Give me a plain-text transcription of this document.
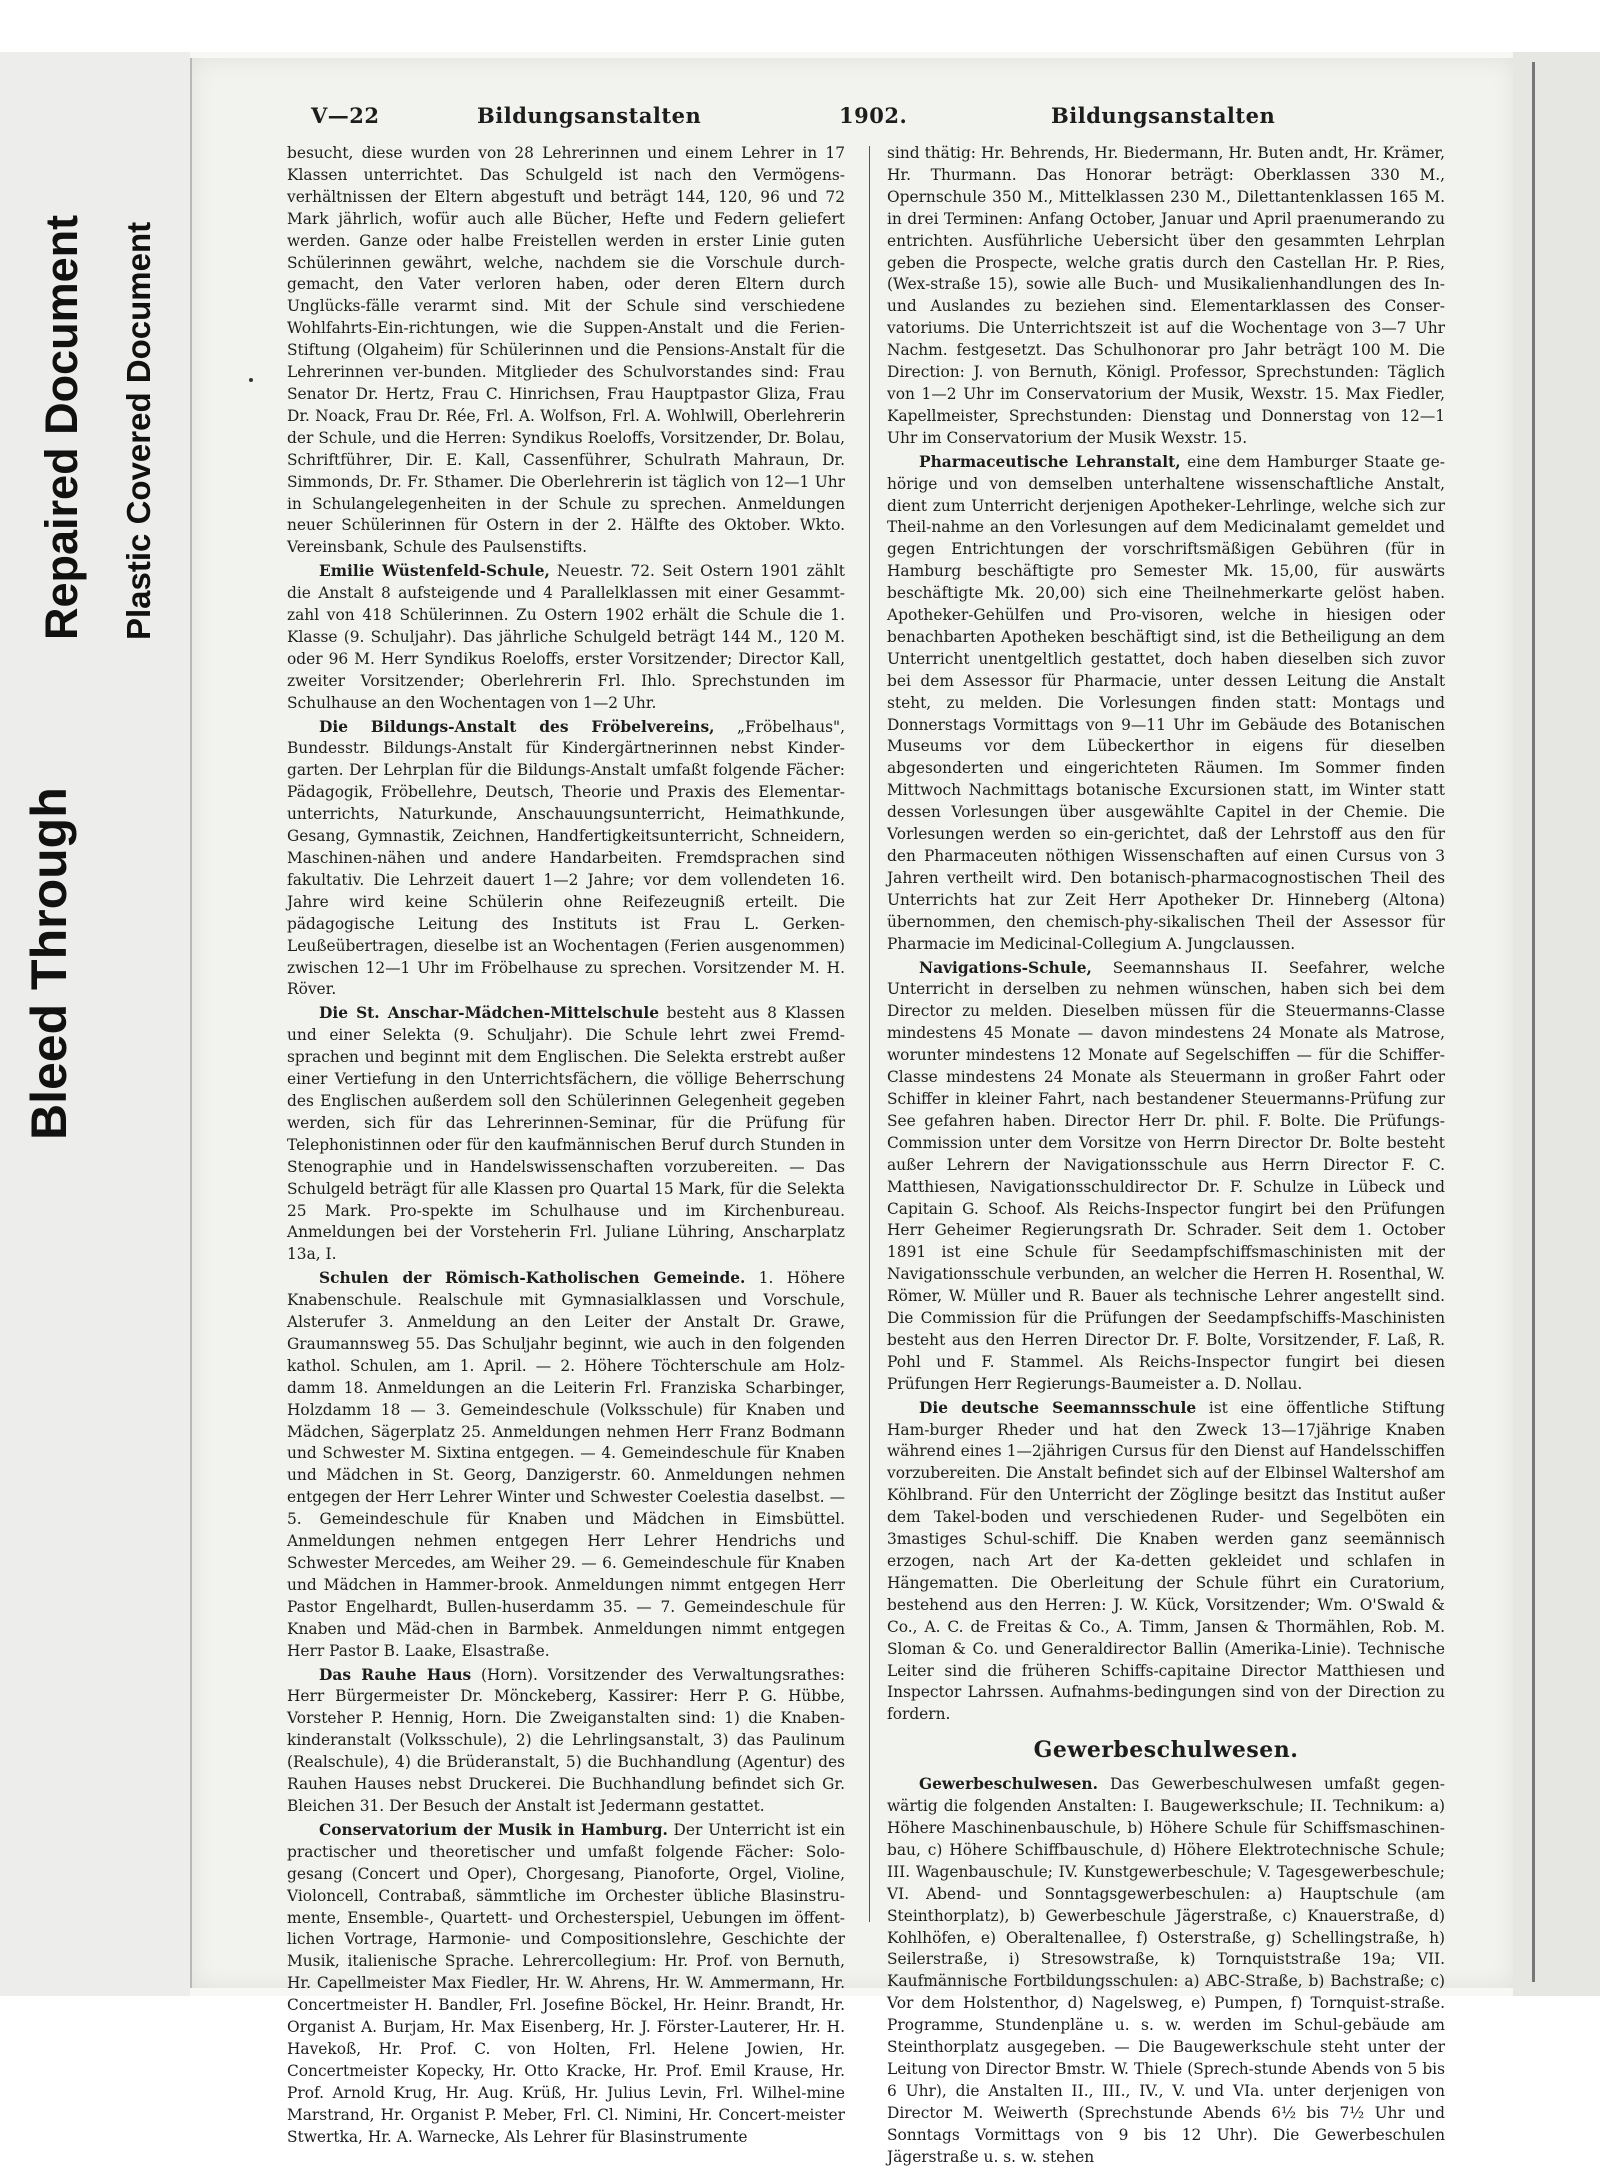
Bleed Through
Repaired Document Plastic Covered Document
V—22	Bildungsanstalten	1902.	Bildungsanstalten

besucht, diese wurden von 28 Lehrerinnen und einem Lehrer in 17 Klassen unterrichtet. Das Schulgeld ist nach den Vermögens-verhältnissen der Eltern abgestuft und beträgt 144, 120, 96 und 72 Mark jährlich, wofür auch alle Bücher, Hefte und Federn geliefert werden. Ganze oder halbe Freistellen werden in erster Linie guten Schülerinnen gewährt, welche, nachdem sie die Vorschule durch-gemacht, den Vater verloren haben, oder deren Eltern durch Unglücks-fälle verarmt sind. Mit der Schule sind verschiedene Wohlfahrts-Ein-richtungen, wie die Suppen-Anstalt und die Ferien-Stiftung (Olgaheim) für Schülerinnen und die Pensions-Anstalt für die Lehrerinnen ver-bunden. Mitglieder des Schulvorstandes sind: Frau Senator Dr. Hertz, Frau C. Hinrichsen, Frau Hauptpastor Gliza, Frau Dr. Noack, Frau Dr. Rée, Frl. A. Wolfson, Frl. A. Wohlwill, Oberlehrerin der Schule, und die Herren: Syndikus Roeloffs, Vorsitzender, Dr. Bolau, Schriftführer, Dir. E. Kall, Cassenführer, Schulrath Mahraun, Dr. Simmonds, Dr. Fr. Sthamer. Die Oberlehrerin ist täglich von 12—1 Uhr in Schulangelegenheiten in der Schule zu sprechen. Anmeldungen neuer Schülerinnen für Ostern in der 2. Hälfte des Oktober. Wkto. Vereinsbank, Schule des Paulsenstifts.

Emilie Wüstenfeld-Schule, Neuestr. 72. Seit Ostern 1901 zählt die Anstalt 8 aufsteigende und 4 Parallelklassen mit einer Gesammt-zahl von 418 Schülerinnen. Zu Ostern 1902 erhält die Schule die 1. Klasse (9. Schuljahr). Das jährliche Schulgeld beträgt 144 M., 120 M. oder 96 M. Herr Syndikus Roeloffs, erster Vorsitzender; Director Kall, zweiter Vorsitzender; Oberlehrerin Frl. Ihlo. Sprechstunden im Schulhause an den Wochentagen von 1—2 Uhr.

Die Bildungs-Anstalt des Fröbelvereins, „Fröbelhaus", Bundesstr. Bildungs-Anstalt für Kindergärtnerinnen nebst Kinder-garten. Der Lehrplan für die Bildungs-Anstalt umfaßt folgende Fächer: Pädagogik, Fröbellehre, Deutsch, Theorie und Praxis des Elementar-unterrichts, Naturkunde, Anschauungsunterricht, Heimathkunde, Gesang, Gymnastik, Zeichnen, Handfertigkeitsunterricht, Schneidern, Maschinen-nähen und andere Handarbeiten. Fremdsprachen sind fakultativ. Die Lehrzeit dauert 1—2 Jahre; vor dem vollendeten 16. Jahre wird keine Schülerin ohne Reifezeugniß erteilt. Die pädagogische Leitung des Instituts ist Frau L. Gerken-Leußeübertragen, dieselbe ist an Wochentagen (Ferien ausgenommen) zwischen 12—1 Uhr im Fröbelhause zu sprechen. Vorsitzender M. H. Röver.

Die St. Anschar-Mädchen-Mittelschule besteht aus 8 Klassen und einer Selekta (9. Schuljahr). Die Schule lehrt zwei Fremd-sprachen und beginnt mit dem Englischen. Die Selekta erstrebt außer einer Vertiefung in den Unterrichtsfächern, die völlige Beherrschung des Englischen außerdem soll den Schülerinnen Gelegenheit gegeben werden, sich für das Lehrerinnen-Seminar, für die Prüfung für Telephonistinnen oder für den kaufmännischen Beruf durch Stunden in Stenographie und in Handelswissenschaften vorzubereiten. — Das Schulgeld beträgt für alle Klassen pro Quartal 15 Mark, für die Selekta 25 Mark. Pro-spekte im Schulhause und im Kirchenbureau. Anmeldungen bei der Vorsteherin Frl. Juliane Lühring, Anscharplatz 13a, I.

Schulen der Römisch-Katholischen Gemeinde. 1. Höhere Knabenschule. Realschule mit Gymnasialklassen und Vorschule, Alsterufer 3. Anmeldung an den Leiter der Anstalt Dr. Grawe, Graumannsweg 55. Das Schuljahr beginnt, wie auch in den folgenden kathol. Schulen, am 1. April. — 2. Höhere Töchterschule am Holz-damm 18. Anmeldungen an die Leiterin Frl. Franziska Scharbinger, Holzdamm 18 — 3. Gemeindeschule (Volksschule) für Knaben und Mädchen, Sägerplatz 25. Anmeldungen nehmen Herr Franz Bodmann und Schwester M. Sixtina entgegen. — 4. Gemeindeschule für Knaben und Mädchen in St. Georg, Danzigerstr. 60. Anmeldungen nehmen entgegen der Herr Lehrer Winter und Schwester Coelestia daselbst. — 5. Gemeindeschule für Knaben und Mädchen in Eimsbüttel. Anmeldungen nehmen entgegen Herr Lehrer Hendrichs und Schwester Mercedes, am Weiher 29. — 6. Gemeindeschule für Knaben und Mädchen in Hammer-brook. Anmeldungen nimmt entgegen Herr Pastor Engelhardt, Bullen-huserdamm 35. — 7. Gemeindeschule für Knaben und Mäd-chen in Barmbek. Anmeldungen nimmt entgegen Herr Pastor B. Laake, Elsastraße.

Das Rauhe Haus (Horn). Vorsitzender des Verwaltungsrathes: Herr Bürgermeister Dr. Mönckeberg, Kassirer: Herr P. G. Hübbe, Vorsteher P. Hennig, Horn. Die Zweiganstalten sind: 1) die Knaben-kinderanstalt (Volksschule), 2) die Lehrlingsanstalt, 3) das Paulinum (Realschule), 4) die Brüderanstalt, 5) die Buchhandlung (Agentur) des Rauhen Hauses nebst Druckerei. Die Buchhandlung befindet sich Gr. Bleichen 31. Der Besuch der Anstalt ist Jedermann gestattet.

Conservatorium der Musik in Hamburg. Der Unterricht ist ein practischer und theoretischer und umfaßt folgende Fächer: Solo-gesang (Concert und Oper), Chorgesang, Pianoforte, Orgel, Violine, Violoncell, Contrabaß, sämmtliche im Orchester übliche Blasinstru-mente, Ensemble-, Quartett- und Orchesterspiel, Uebungen im öffent-lichen Vortrage, Harmonie- und Compositionslehre, Geschichte der Musik, italienische Sprache. Lehrercollegium: Hr. Prof. von Bernuth, Hr. Capellmeister Max Fiedler, Hr. W. Ahrens, Hr. W. Ammermann, Hr. Concertmeister H. Bandler, Frl. Josefine Böckel, Hr. Heinr. Brandt, Hr. Organist A. Burjam, Hr. Max Eisenberg, Hr. J. Förster-Lauterer, Hr. H. Havekoß, Hr. Prof. C. von Holten, Frl. Helene Jowien, Hr. Concertmeister Kopecky, Hr. Otto Kracke, Hr. Prof. Emil Krause, Hr. Prof. Arnold Krug, Hr. Aug. Krüß, Hr. Julius Levin, Frl. Wilhel-mine Marstrand, Hr. Organist P. Meber, Frl. Cl. Nimini, Hr. Concert-meister Stwertka, Hr. A. Warnecke, Als Lehrer für Blasinstrumente

sind thätig: Hr. Behrends, Hr. Biedermann, Hr. Buten andt, Hr. Krämer, Hr. Thurmann. Das Honorar beträgt: Oberklassen 330 M., Opernschule 350 M., Mittelklassen 230 M., Dilettantenklassen 165 M. in drei Terminen: Anfang October, Januar und April praenumerando zu entrichten. Ausführliche Uebersicht über den gesammten Lehrplan geben die Prospecte, welche gratis durch den Castellan Hr. P. Ries, (Wex-straße 15), sowie alle Buch- und Musikalienhandlungen des In- und Auslandes zu beziehen sind. Elementarklassen des Conser-vatoriums. Die Unterrichtszeit ist auf die Wochentage von 3—7 Uhr Nachm. festgesetzt. Das Schulhonorar pro Jahr beträgt 100 M. Die Direction: J. von Bernuth, Königl. Professor, Sprechstunden: Täglich von 1—2 Uhr im Conservatorium der Musik, Wexstr. 15. Max Fiedler, Kapellmeister, Sprechstunden: Dienstag und Donnerstag von 12—1 Uhr im Conservatorium der Musik Wexstr. 15.

Pharmaceutische Lehranstalt, eine dem Hamburger Staate ge-hörige und von demselben unterhaltene wissenschaftliche Anstalt, dient zum Unterricht derjenigen Apotheker-Lehrlinge, welche sich zur Theil-nahme an den Vorlesungen auf dem Medicinalamt gemeldet und gegen Entrichtungen der vorschriftsmäßigen Gebühren (für in Hamburg beschäftigte pro Semester Mk. 15,00, für auswärts beschäftigte Mk. 20,00) sich eine Theilnehmerkarte gelöst haben. Apotheker-Gehülfen und Pro-visoren, welche in hiesigen oder benachbarten Apotheken beschäftigt sind, ist die Betheiligung an dem Unterricht unentgeltlich gestattet, doch haben dieselben sich zuvor bei dem Assessor für Pharmacie, unter dessen Leitung die Anstalt steht, zu melden. Die Vorlesungen finden statt: Montags und Donnerstags Vormittags von 9—11 Uhr im Gebäude des Botanischen Museums vor dem Lübeckerthor in eigens für dieselben abgesonderten und eingerichteten Räumen. Im Sommer finden Mittwoch Nachmittags botanische Excursionen statt, im Winter statt dessen Vorlesungen über ausgewählte Capitel in der Chemie. Die Vorlesungen werden so ein-gerichtet, daß der Lehrstoff aus den für den Pharmaceuten nöthigen Wissenschaften auf einen Cursus von 3 Jahren vertheilt wird. Den botanisch-pharmacognostischen Theil des Unterrichts hat zur Zeit Herr Apotheker Dr. Hinneberg (Altona) übernommen, den chemisch-phy-sikalischen Theil der Assessor für Pharmacie im Medicinal-Collegium A. Jungclaussen.

Navigations-Schule, Seemannshaus II. Seefahrer, welche Unterricht in derselben zu nehmen wünschen, haben sich bei dem Director zu melden. Dieselben müssen für die Steuermanns-Classe mindestens 45 Monate — davon mindestens 24 Monate als Matrose, worunter mindestens 12 Monate auf Segelschiffen — für die Schiffer-Classe mindestens 24 Monate als Steuermann in großer Fahrt oder Schiffer in kleiner Fahrt, nach bestandener Steuermanns-Prüfung zur See gefahren haben. Director Herr Dr. phil. F. Bolte. Die Prüfungs-Commission unter dem Vorsitze von Herrn Director Dr. Bolte besteht außer Lehrern der Navigationsschule aus Herrn Director F. C. Matthiesen, Navigationsschuldirector Dr. F. Schulze in Lübeck und Capitain G. Schoof. Als Reichs-Inspector fungirt bei den Prüfungen Herr Geheimer Regierungsrath Dr. Schrader. Seit dem 1. October 1891 ist eine Schule für Seedampfschiffsmaschinisten mit der Navigationsschule verbunden, an welcher die Herren H. Rosenthal, W. Römer, W. Müller und R. Bauer als technische Lehrer angestellt sind. Die Commission für die Prüfungen der Seedampfschiffs-Maschinisten besteht aus den Herren Director Dr. F. Bolte, Vorsitzender, F. Laß, R. Pohl und F. Stammel. Als Reichs-Inspector fungirt bei diesen Prüfungen Herr Regierungs-Baumeister a. D. Nollau.

Die deutsche Seemannsschule ist eine öffentliche Stiftung Ham-burger Rheder und hat den Zweck 13—17jährige Knaben während eines 1—2jährigen Cursus für den Dienst auf Handelsschiffen vorzubereiten. Die Anstalt befindet sich auf der Elbinsel Waltershof am Köhlbrand. Für den Unterricht der Zöglinge besitzt das Institut außer dem Takel-boden und verschiedenen Ruder- und Segelböten ein 3mastiges Schul-schiff. Die Knaben werden ganz seemännisch erzogen, nach Art der Ka-detten gekleidet und schlafen in Hängematten. Die Oberleitung der Schule führt ein Curatorium, bestehend aus den Herren: J. W. Kück, Vorsitzender; Wm. O'Swald & Co., A. C. de Freitas & Co., A. Timm, Jansen & Thormählen, Rob. M. Sloman & Co. und Generaldirector Ballin (Amerika-Linie). Technische Leiter sind die früheren Schiffs-capitaine Director Matthiesen und Inspector Lahrssen. Aufnahms-bedingungen sind von der Direction zu fordern.

Gewerbeschulwesen.

Gewerbeschulwesen. Das Gewerbeschulwesen umfaßt gegen-wärtig die folgenden Anstalten: I. Baugewerkschule; II. Technikum: a) Höhere Maschinenbauschule, b) Höhere Schule für Schiffsmaschinen-bau, c) Höhere Schiffbauschule, d) Höhere Elektrotechnische Schule; III. Wagenbauschule; IV. Kunstgewerbeschule; V. Tagesgewerbeschule; VI. Abend- und Sonntagsgewerbeschulen: a) Hauptschule (am Steinthorplatz), b) Gewerbeschule Jägerstraße, c) Knauerstraße, d) Kohlhöfen, e) Oberaltenallee, f) Osterstraße, g) Schellingstraße, h) Seilerstraße, i) Stresowstraße, k) Tornquiststraße 19a; VII. Kaufmännische Fortbildungsschulen: a) ABC-Straße, b) Bachstraße; c) Vor dem Holstenthor, d) Nagelsweg, e) Pumpen, f) Tornquist-straße. Programme, Stundenpläne u. s. w. werden im Schul-gebäude am Steinthorplatz ausgegeben. — Die Baugewerkschule steht unter der Leitung von Director Bmstr. W. Thiele (Sprech-stunde Abends von 5 bis 6 Uhr), die Anstalten II., III., IV., V. und VIa. unter derjenigen von Director M. Weiwerth (Sprechstunde Abends 6½ bis 7½ Uhr und Sonntags Vormittags von 9 bis 12 Uhr). Die Gewerbeschulen Jägerstraße u. s. w. stehen
